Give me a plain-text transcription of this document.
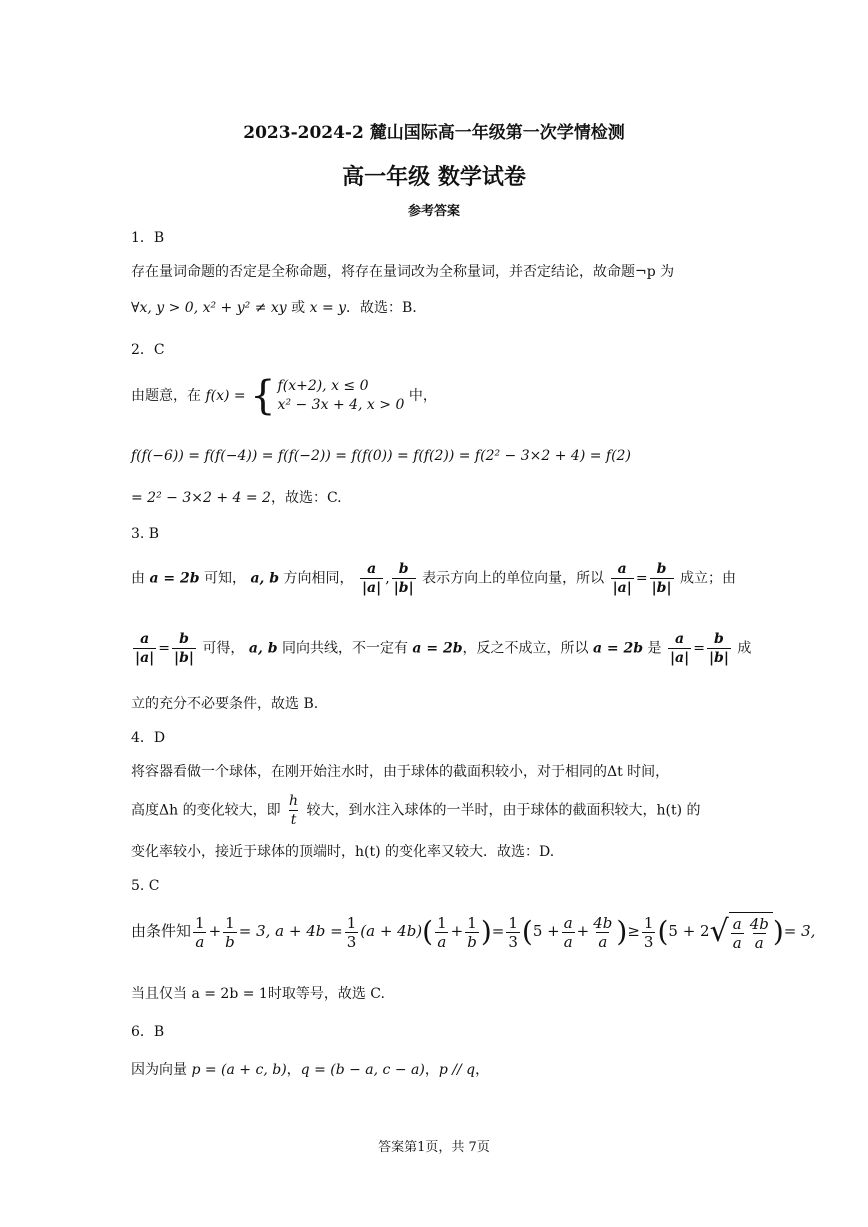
2023-2024-2 麓山国际高一年级第一次学情检测
高一年级 数学试卷
参考答案
1．B
存在量词命题的否定是全称命题，将存在量词改为全称量词，并否定结论，故命题¬p 为
∀x, y > 0, x² + y² ≠ xy 或 x = y．故选：B．
2．C
由题意，在 f(x) = { f(x+2), x ≤ 0
x² − 3x + 4, x > 0
中，
f(f(−6)) = f(f(−4)) = f(f(−2)) = f(f(0)) = f(f(2)) = f(2² − 3×2 + 4) = f(2)
= 2² − 3×2 + 4 = 2，故选：C.
3. B
由 a = 2b 可知， a, b 方向相同， $\frac{a}{|a|}$ , $\frac{b}{|b|}$ 表示方向上的单位向量，所以 $\frac{a}{|a|} = \frac{b}{|b|}$ 成立；由
$\frac{a}{|a|} = \frac{b}{|b|}$ 可得， a, b 同向共线，不一定有 a = 2b，反之不成立，所以 a = 2b 是 $\frac{a}{|a|} = \frac{b}{|b|}$ 成
立的充分不必要条件，故选 B.
4．D
将容器看做一个球体，在刚开始注水时，由于球体的截面积较小，对于相同的Δt 时间，
高度Δh 的变化较大，即 $\frac{h}{t}$ 较大，到水注入球体的一半时，由于球体的截面积较大，h(t) 的
变化率较小，接近于球体的顶端时，h(t) 的变化率又较大．故选：D.
5. C
由条件知 $\frac{1}{a} + \frac{1}{b} = 3$, $a + 4b = \frac{1}{3} (a + 4b)( \frac{1}{a} + \frac{1}{b}$ )= $\frac{1}{3} (5 + \frac{a}{a} + \frac{4b}{a}$ )≥ $\frac{1}{3} (5 + 2$ √ $\frac{a}{a} \frac{4b}{a}$ )= 3,
当且仅当 a = 2b = 1时取等号，故选 C.
6．B
因为向量 p = (a + c, b)，q = (b − a, c − a)，p // q，
答案第1页，共 7页
